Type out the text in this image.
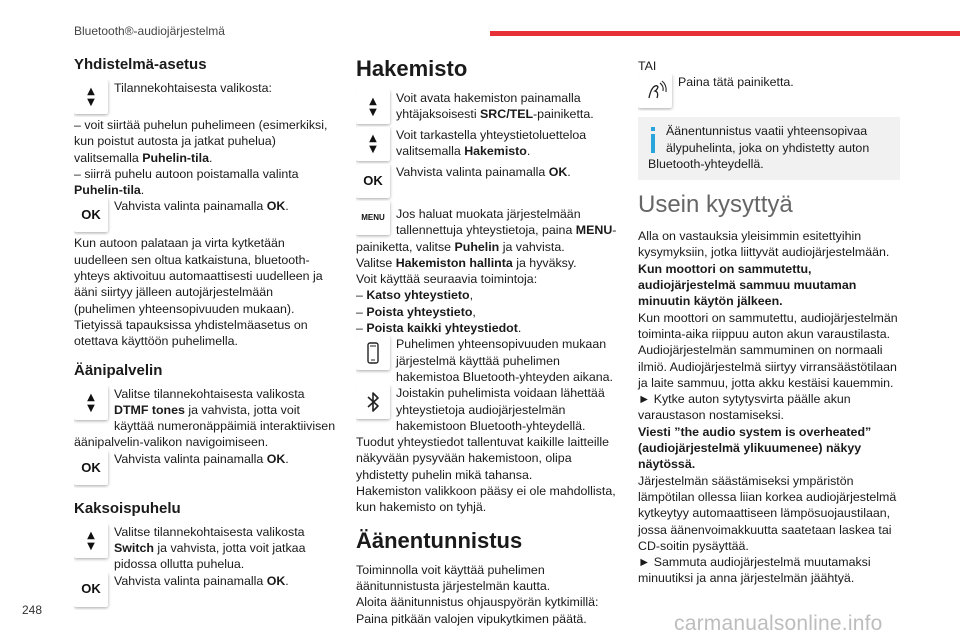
Bluetooth®-audiojärjestelmä
Yhdistelmä-asetus
▲
▼

Tilannekohtaisesta valikosta:

– voit siirtää puhelun puhelimeen (esimerkiksi, kun poistut autosta ja jatkat puhelua) valitsemalla Puhelin-tila.

– siirrä puhelu autoon poistamalla valinta Puhelin-tila.

OK

Vahvista valinta painamalla OK.

Kun autoon palataan ja virta kytketään uudelleen sen oltua katkaistuna, bluetooth-yhteys aktivoituu automaattisesti uudelleen ja ääni siirtyy jälleen autojärjestelmään (puhelimen yhteensopivuuden mukaan).

Tietyissä tapauksissa yhdistelmäasetus on otettava käyttöön puhelimella.

Äänipalvelin
▲
▼

Valitse tilannekohtaisesta valikosta DTMF tones ja vahvista, jotta voit käyttää numeronäppäimiä interaktiivisen äänipalvelin-valikon navigoimiseen.

OK

Vahvista valinta painamalla OK.

Kaksoispuhelu
▲
▼

Valitse tilannekohtaisesta valikosta Switch ja vahvista, jotta voit jatkaa pidossa ollutta puhelua.

OK

Vahvista valinta painamalla OK.

Hakemisto
▲
▼

Voit avata hakemiston painamalla yhtäjaksoisesti SRC/TEL-painiketta.

▲
▼

Voit tarkastella yhteystietoluetteloa valitsemalla Hakemisto.

OK

Vahvista valinta painamalla OK.

MENU Jos haluat muokata järjestelmään tallennettuja yhteystietoja, paina MENU-painiketta, valitse Puhelin ja vahvista.

Valitse Hakemiston hallinta ja hyväksy.

Voit käyttää seuraavia toimintoja:

– Katso yhteystieto,

– Poista yhteystieto,

– Poista kaikki yhteystiedot.

Puhelimen yhteensopivuuden mukaan järjestelmä käyttää puhelimen hakemistoa Bluetooth-yhteyden aikana.

Joistakin puhelimista voidaan lähettää yhteystietoja audiojärjestelmän hakemistoon Bluetooth-yhteydellä.

Tuodut yhteystiedot tallentuvat kaikille laitteille näkyvään pysyvään hakemistoon, olipa yhdistetty puhelin mikä tahansa.

Hakemiston valikkoon pääsy ei ole mahdollista, kun hakemisto on tyhjä.

Äänentunnistus

Toiminnolla voit käyttää puhelimen äänitunnistusta järjestelmän kautta.

Aloita äänitunnistus ohjauspyörän kytkimillä:

Paina pitkään valojen vipukytkimen päätä.

TAI

Paina tätä painiketta.

Äänentunnistus vaatii yhteensopivaa älypuhelinta, joka on yhdistetty auton Bluetooth-yhteydellä.

Usein kysyttyä

Alla on vastauksia yleisimmin esitettyihin kysymyksiin, jotka liittyvät audiojärjestelmään.

Kun moottori on sammutettu, audiojärjestelmä sammuu muutaman minuutin käytön jälkeen.

Kun moottori on sammutettu, audiojärjestelmän toiminta-aika riippuu auton akun varaustilasta.

Audiojärjestelmän sammuminen on normaali ilmiö. Audiojärjestelmä siirtyy virransäästötilaan ja laite sammuu, jotta akku kestäisi kauemmin.

► Kytke auton sytytysvirta päälle akun varaustason nostamiseksi.

Viesti ”the audio system is overheated” (audiojärjestelmä ylikuumenee) näkyy näytössä.

Järjestelmän säästämiseksi ympäristön lämpötilan ollessa liian korkea audiojärjestelmä kytkeytyy automaattiseen lämpösuojaustilaan, jossa äänenvoimakkuutta saatetaan laskea tai CD-soitin pysäyttää.

► Sammuta audiojärjestelmä muutamaksi minuutiksi ja anna järjestelmän jäähtyä.

248
carmanualsonline.info
